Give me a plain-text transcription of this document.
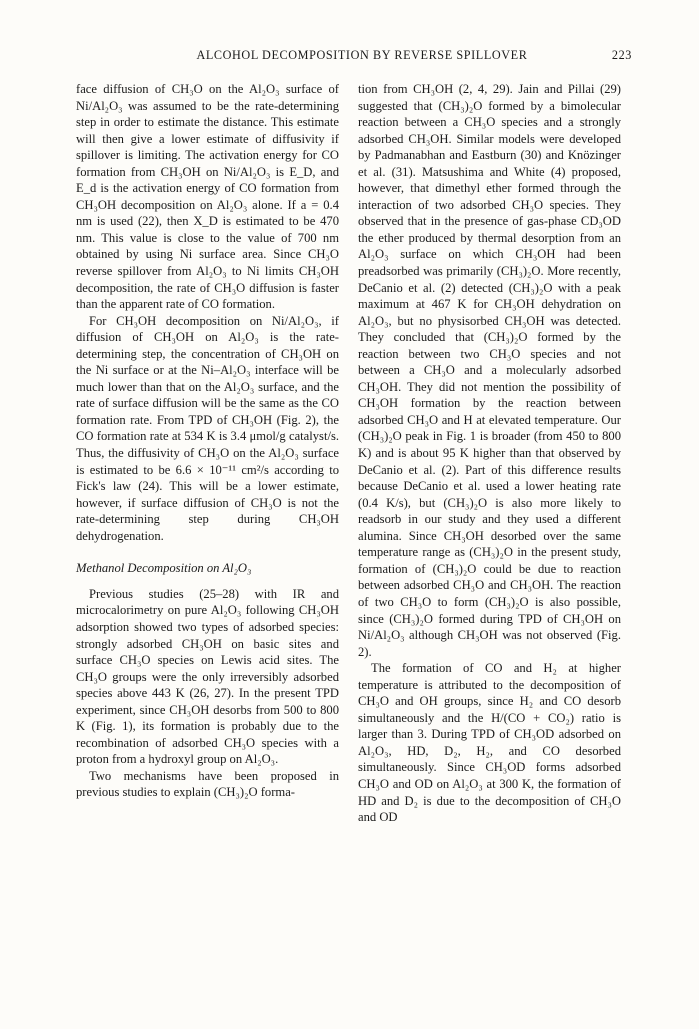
ALCOHOL DECOMPOSITION BY REVERSE SPILLOVER	223

face diffusion of CH₃O on the Al₂O₃ surface of Ni/Al₂O₃ was assumed to be the rate-determining step in order to estimate the distance. This estimate will then give a lower estimate of diffusivity if spillover is limiting. The activation energy for CO formation from CH₃OH on Ni/Al₂O₃ is E_D, and E_d is the activation energy of CO formation from CH₃OH decomposition on Al₂O₃ alone. If a = 0.4 nm is used (22), then X_D is estimated to be 470 nm. This value is close to the value of 700 nm obtained by using Ni surface area. Since CH₃O reverse spillover from Al₂O₃ to Ni limits CH₃OH decomposition, the rate of CH₃O diffusion is faster than the apparent rate of CO formation.

For CH₃OH decomposition on Ni/Al₂O₃, if diffusion of CH₃OH on Al₂O₃ is the rate-determining step, the concentration of CH₃OH on the Ni surface or at the Ni–Al₂O₃ interface will be much lower than that on the Al₂O₃ surface, and the rate of surface diffusion will be the same as the CO formation rate. From TPD of CH₃OH (Fig. 2), the CO formation rate at 534 K is 3.4 μmol/g catalyst/s. Thus, the diffusivity of CH₃O on the Al₂O₃ surface is estimated to be 6.6 × 10⁻¹¹ cm²/s according to Fick's law (24). This will be a lower estimate, however, if surface diffusion of CH₃O is not the rate-determining step during CH₃OH dehydrogenation.

Methanol Decomposition on Al₂O₃

Previous studies (25–28) with IR and microcalorimetry on pure Al₂O₃ following CH₃OH adsorption showed two types of adsorbed species: strongly adsorbed CH₃OH on basic sites and surface CH₃O species on Lewis acid sites. The CH₃O groups were the only irreversibly adsorbed species above 443 K (26, 27). In the present TPD experiment, since CH₃OH desorbs from 500 to 800 K (Fig. 1), its formation is probably due to the recombination of adsorbed CH₃O species with a proton from a hydroxyl group on Al₂O₃.

Two mechanisms have been proposed in previous studies to explain (CH₃)₂O forma-

tion from CH₃OH (2, 4, 29). Jain and Pillai (29) suggested that (CH₃)₂O formed by a bimolecular reaction between a CH₃O species and a strongly adsorbed CH₃OH. Similar models were developed by Padmanabhan and Eastburn (30) and Knözinger et al. (31). Matsushima and White (4) proposed, however, that dimethyl ether formed through the interaction of two adsorbed CH₃O species. They observed that in the presence of gas-phase CD₃OD the ether produced by thermal desorption from an Al₂O₃ surface on which CH₃OH had been preadsorbed was primarily (CH₃)₂O. More recently, DeCanio et al. (2) detected (CH₃)₂O with a peak maximum at 467 K for CH₃OH dehydration on Al₂O₃, but no physisorbed CH₃OH was detected. They concluded that (CH₃)₂O formed by the reaction between two CH₃O species and not between a CH₃O and a molecularly adsorbed CH₃OH. They did not mention the possibility of CH₃OH formation by the reaction between adsorbed CH₃O and H at elevated temperature. Our (CH₃)₂O peak in Fig. 1 is broader (from 450 to 800 K) and is about 95 K higher than that observed by DeCanio et al. (2). Part of this difference results because DeCanio et al. used a lower heating rate (0.4 K/s), but (CH₃)₂O is also more likely to readsorb in our study and they used a different alumina. Since CH₃OH desorbed over the same temperature range as (CH₃)₂O in the present study, formation of (CH₃)₂O could be due to reaction between adsorbed CH₃O and CH₃OH. The reaction of two CH₃O to form (CH₃)₂O is also possible, since (CH₃)₂O formed during TPD of CH₃OH on Ni/Al₂O₃ although CH₃OH was not observed (Fig. 2).

The formation of CO and H₂ at higher temperature is attributed to the decomposition of CH₃O and OH groups, since H₂ and CO desorb simultaneously and the H/(CO + CO₂) ratio is larger than 3. During TPD of CH₃OD adsorbed on Al₂O₃, HD, D₂, H₂, and CO desorbed simultaneously. Since CH₃OD forms adsorbed CH₃O and OD on Al₂O₃ at 300 K, the formation of HD and D₂ is due to the decomposition of CH₃O and OD
